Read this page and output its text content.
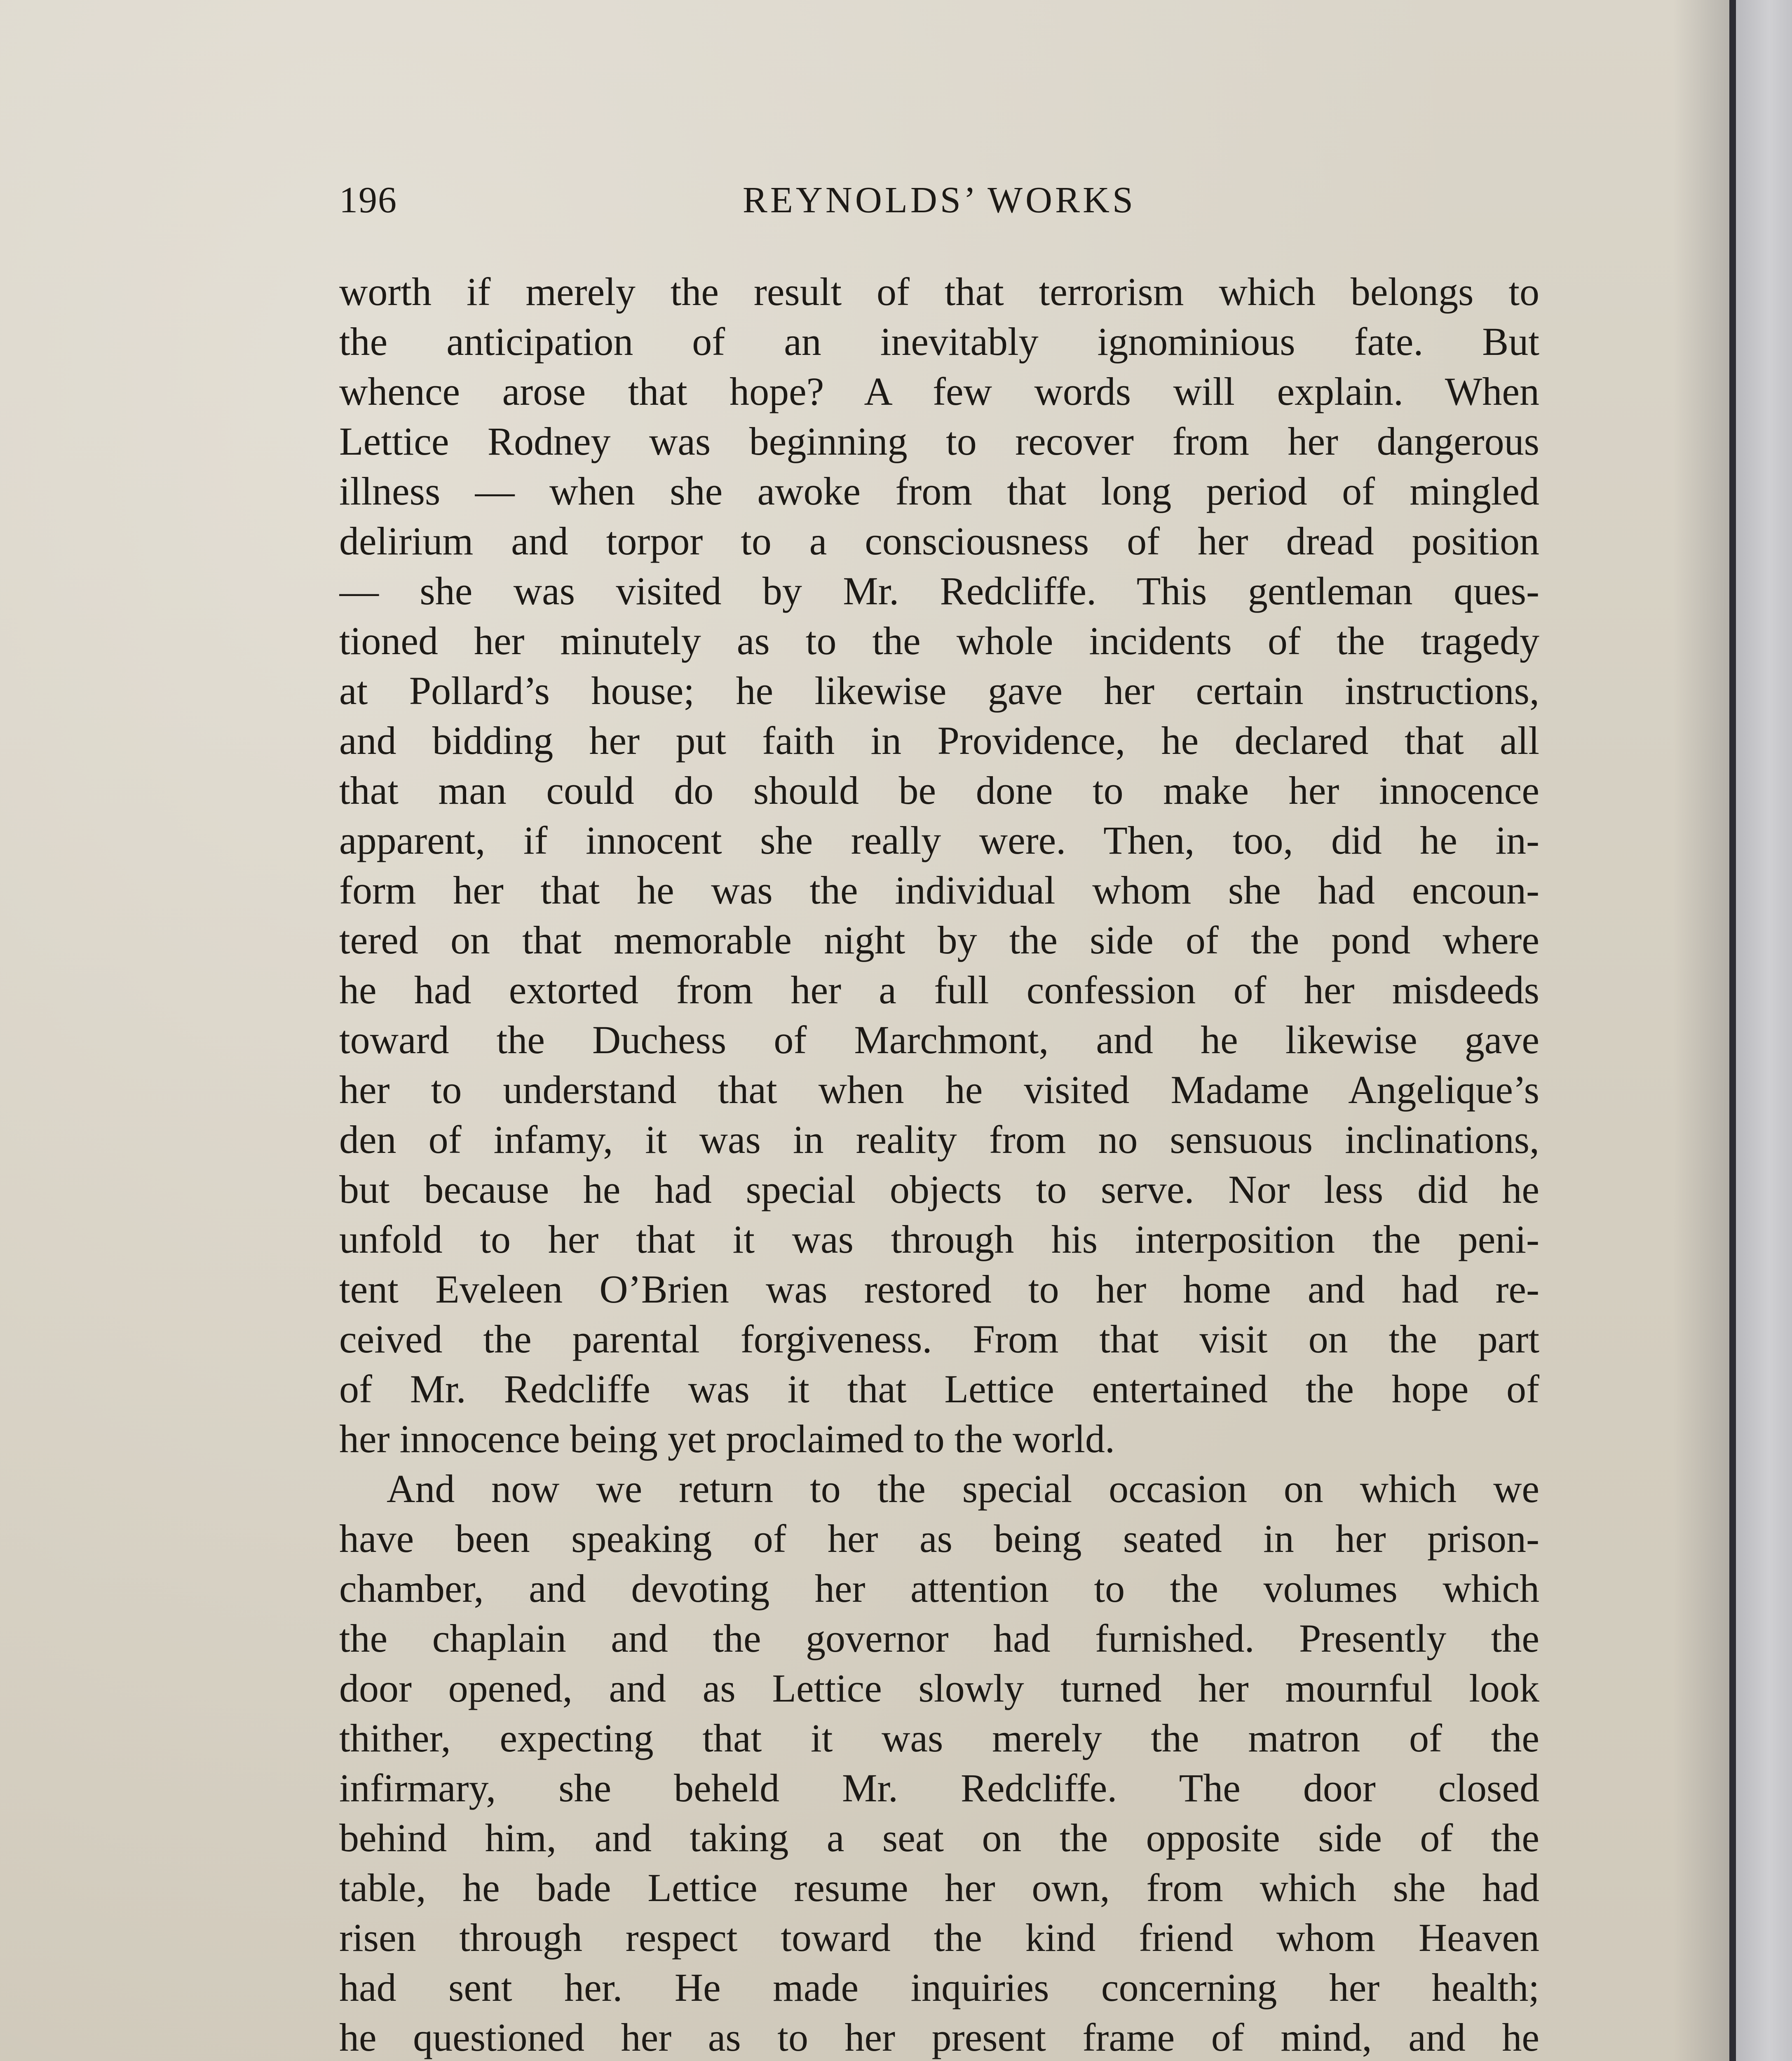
196	REYNOLDS’ WORKS
worth if merely the result of that terrorism which belongs to
the anticipation of an inevitably ignominious fate. But
whence arose that hope? A few words will explain. When
Lettice Rodney was beginning to recover from her dangerous
illness — when she awoke from that long period of mingled
delirium and torpor to a consciousness of her dread position
— she was visited by Mr. Redcliffe. This gentleman ques-
tioned her minutely as to the whole incidents of the tragedy
at Pollard’s house; he likewise gave her certain instructions,
and bidding her put faith in Providence, he declared that all
that man could do should be done to make her innocence
apparent, if innocent she really were. Then, too, did he in-
form her that he was the individual whom she had encoun-
tered on that memorable night by the side of the pond where
he had extorted from her a full confession of her misdeeds
toward the Duchess of Marchmont, and he likewise gave
her to understand that when he visited Madame Angelique’s
den of infamy, it was in reality from no sensuous inclinations,
but because he had special objects to serve. Nor less did he
unfold to her that it was through his interposition the peni-
tent Eveleen O’Brien was restored to her home and had re-
ceived the parental forgiveness. From that visit on the part
of Mr. Redcliffe was it that Lettice entertained the hope of
her innocence being yet proclaimed to the world.
And now we return to the special occasion on which we
have been speaking of her as being seated in her prison-
chamber, and devoting her attention to the volumes which
the chaplain and the governor had furnished. Presently the
door opened, and as Lettice slowly turned her mournful look
thither, expecting that it was merely the matron of the
infirmary, she beheld Mr. Redcliffe. The door closed
behind him, and taking a seat on the opposite side of the
table, he bade Lettice resume her own, from which she had
risen through respect toward the kind friend whom Heaven
had sent her. He made inquiries concerning her health;
he questioned her as to her present frame of mind, and he
